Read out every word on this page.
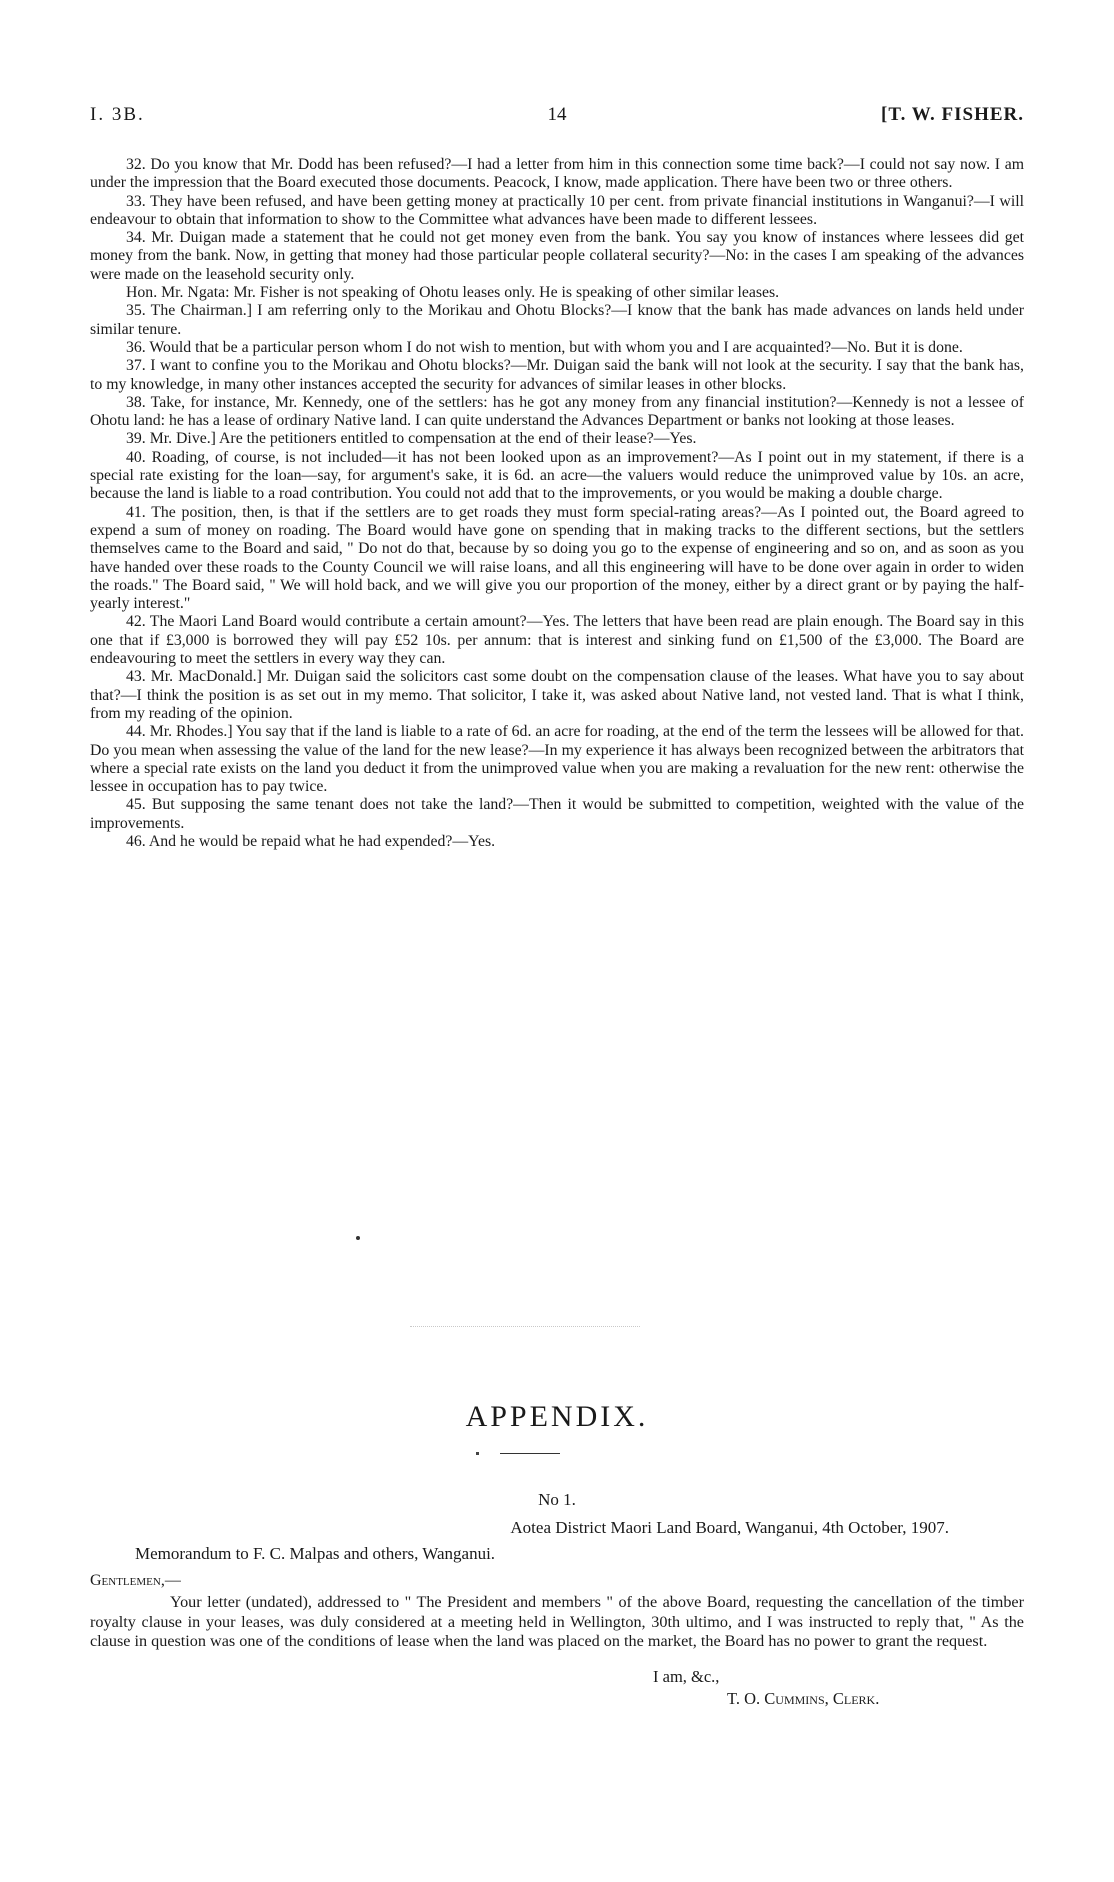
I. 3B.	14	[T. W. FISHER.

32. Do you know that Mr. Dodd has been refused?—I had a letter from him in this connection some time back?—I could not say now. I am under the impression that the Board executed those documents. Peacock, I know, made application. There have been two or three others.

33. They have been refused, and have been getting money at practically 10 per cent. from private financial institutions in Wanganui?—I will endeavour to obtain that information to show to the Committee what advances have been made to different lessees.

34. Mr. Duigan made a statement that he could not get money even from the bank. You say you know of instances where lessees did get money from the bank. Now, in getting that money had those particular people collateral security?—No: in the cases I am speaking of the advances were made on the leasehold security only.

Hon. Mr. Ngata: Mr. Fisher is not speaking of Ohotu leases only. He is speaking of other similar leases.

35. The Chairman.] I am referring only to the Morikau and Ohotu Blocks?—I know that the bank has made advances on lands held under similar tenure.

36. Would that be a particular person whom I do not wish to mention, but with whom you and I are acquainted?—No. But it is done.

37. I want to confine you to the Morikau and Ohotu blocks?—Mr. Duigan said the bank will not look at the security. I say that the bank has, to my knowledge, in many other instances accepted the security for advances of similar leases in other blocks.

38. Take, for instance, Mr. Kennedy, one of the settlers: has he got any money from any financial institution?—Kennedy is not a lessee of Ohotu land: he has a lease of ordinary Native land. I can quite understand the Advances Department or banks not looking at those leases.

39. Mr. Dive.] Are the petitioners entitled to compensation at the end of their lease?—Yes.

40. Roading, of course, is not included—it has not been looked upon as an improvement?—As I point out in my statement, if there is a special rate existing for the loan—say, for argument's sake, it is 6d. an acre—the valuers would reduce the unimproved value by 10s. an acre, because the land is liable to a road contribution. You could not add that to the improvements, or you would be making a double charge.

41. The position, then, is that if the settlers are to get roads they must form special-rating areas?—As I pointed out, the Board agreed to expend a sum of money on roading. The Board would have gone on spending that in making tracks to the different sections, but the settlers themselves came to the Board and said, " Do not do that, because by so doing you go to the expense of engineering and so on, and as soon as you have handed over these roads to the County Council we will raise loans, and all this engineering will have to be done over again in order to widen the roads." The Board said, " We will hold back, and we will give you our proportion of the money, either by a direct grant or by paying the half-yearly interest."

42. The Maori Land Board would contribute a certain amount?—Yes. The letters that have been read are plain enough. The Board say in this one that if £3,000 is borrowed they will pay £52 10s. per annum: that is interest and sinking fund on £1,500 of the £3,000. The Board are endeavouring to meet the settlers in every way they can.

43. Mr. MacDonald.] Mr. Duigan said the solicitors cast some doubt on the compensation clause of the leases. What have you to say about that?—I think the position is as set out in my memo. That solicitor, I take it, was asked about Native land, not vested land. That is what I think, from my reading of the opinion.

44. Mr. Rhodes.] You say that if the land is liable to a rate of 6d. an acre for roading, at the end of the term the lessees will be allowed for that. Do you mean when assessing the value of the land for the new lease?—In my experience it has always been recognized between the arbitrators that where a special rate exists on the land you deduct it from the unimproved value when you are making a revaluation for the new rent: otherwise the lessee in occupation has to pay twice.

45. But supposing the same tenant does not take the land?—Then it would be submitted to competition, weighted with the value of the improvements.

46. And he would be repaid what he had expended?—Yes.

APPENDIX.
No 1.
Aotea District Maori Land Board, Wanganui, 4th October, 1907.
Memorandum to F. C. Malpas and others, Wanganui.
Gentlemen,—

Your letter (undated), addressed to " The President and members " of the above Board, requesting the cancellation of the timber royalty clause in your leases, was duly considered at a meeting held in Wellington, 30th ultimo, and I was instructed to reply that, " As the clause in question was one of the conditions of lease when the land was placed on the market, the Board has no power to grant the request.

I am, &c.,
T. O. Cummins, Clerk.
